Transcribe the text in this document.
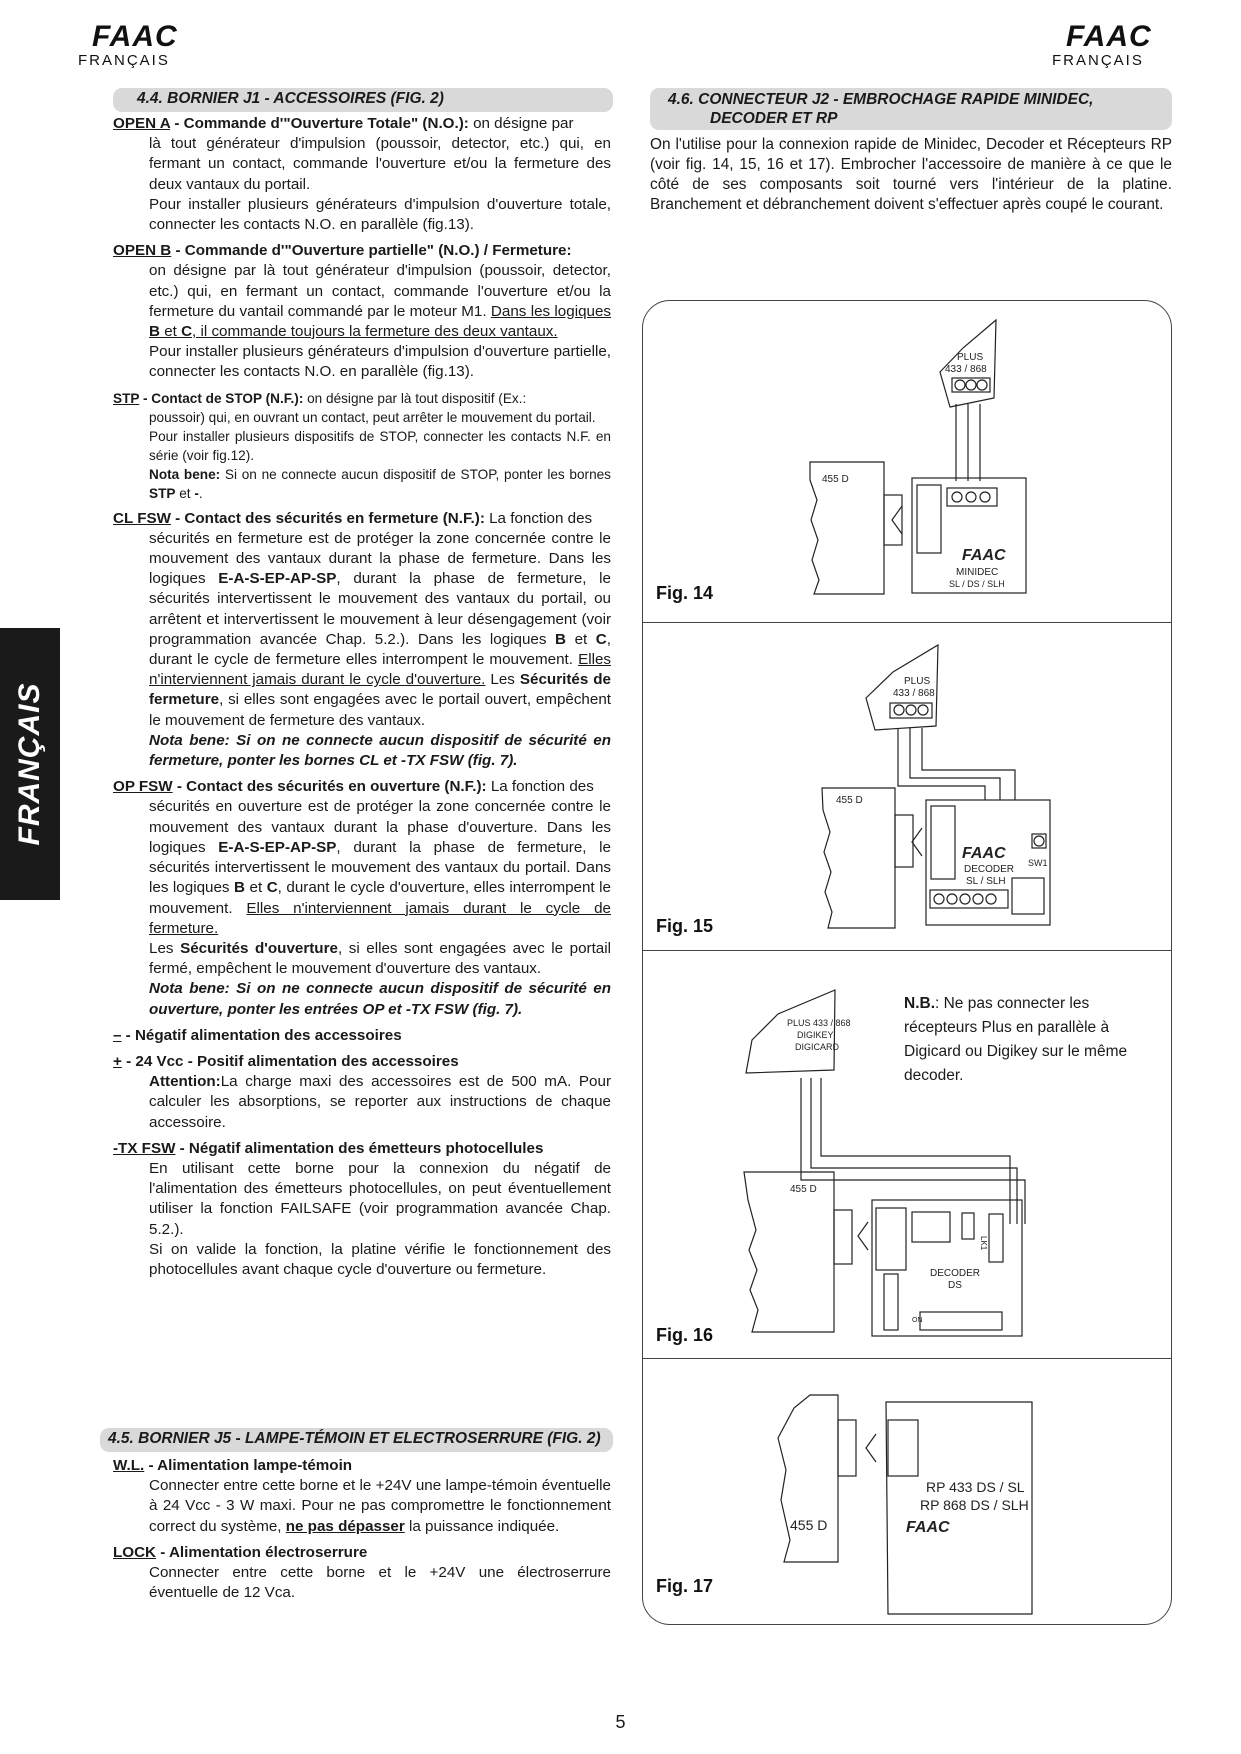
FAAC
FRANÇAIS
FAAC
FRANÇAIS
FRANÇAIS
4.4. BORNIER J1 - ACCESSOIRES (FIG. 2)
OPEN A - Commande d'"Ouverture Totale" (N.O.): on désigne par
là tout générateur d'impulsion (poussoir, detector, etc.) qui, en fermant un contact, commande l'ouverture et/ou la fermeture des deux vantaux du portail.
Pour installer plusieurs générateurs d'impulsion d'ouverture totale, connecter les contacts N.O. en parallèle (fig.13).
OPEN B - Commande d'"Ouverture partielle" (N.O.) / Fermeture:
on désigne par là tout générateur d'impulsion (poussoir, detector, etc.) qui, en fermant un contact, commande l'ouverture et/ou la fermeture du vantail commandé par le moteur M1. Dans les logiques B et C, il commande toujours la fermeture des deux vantaux.
Pour installer plusieurs générateurs d'impulsion d'ouverture partielle, connecter les contacts N.O. en parallèle (fig.13).
STP - Contact de STOP (N.F.): on désigne par là tout dispositif (Ex.:
poussoir) qui, en ouvrant un contact, peut arrêter le mouvement du portail.
Pour installer plusieurs dispositifs de STOP, connecter les contacts N.F. en série (voir fig.12).
Nota bene: Si on ne connecte aucun dispositif de STOP, ponter les bornes STP et -.
CL FSW - Contact des sécurités en fermeture (N.F.): La fonction des
sécurités en fermeture est de protéger la zone concernée contre le mouvement des vantaux durant la phase de fermeture. Dans les logiques E-A-S-EP-AP-SP, durant la phase de fermeture, le sécurités intervertissent le mouvement des vantaux du portail, ou arrêtent et intervertissent le mouvement à leur désengagement (voir programmation avancée Chap. 5.2.). Dans les logiques B et C, durant le cycle de fermeture elles interrompent le mouvement. Elles n'interviennent jamais durant le cycle d'ouverture. Les Sécurités de fermeture, si elles sont engagées avec le portail ouvert, empêchent le mouvement de fermeture des vantaux.
Nota bene: Si on ne connecte aucun dispositif de sécurité en fermeture, ponter les bornes CL et -TX FSW (fig. 7).
OP FSW - Contact des sécurités en ouverture (N.F.): La fonction des
sécurités en ouverture est de protéger la zone concernée contre le mouvement des vantaux durant la phase d'ouverture. Dans les logiques E-A-S-EP-AP-SP, durant la phase de fermeture, le sécurités intervertissent le mouvement des vantaux du portail. Dans les logiques B et C, durant le cycle d'ouverture, elles interrompent le mouvement. Elles n'interviennent jamais durant le cycle de fermeture.
Les Sécurités d'ouverture, si elles sont engagées avec le portail fermé, empêchent le mouvement d'ouverture des vantaux.
Nota bene: Si on ne connecte aucun dispositif de sécurité en ouverture, ponter les entrées OP et -TX FSW (fig. 7).
– - Négatif alimentation des accessoires
+ - 24 Vcc - Positif alimentation des accessoires
Attention:La charge maxi des accessoires est de 500 mA. Pour calculer les absorptions, se reporter aux instructions de chaque accessoire.
-TX FSW - Négatif alimentation des émetteurs photocellules
En utilisant cette borne pour la connexion du négatif de l'alimentation des émetteurs photocellules, on peut éventuellement utiliser la fonction FAILSAFE (voir programmation avancée Chap. 5.2.).
Si on valide la fonction, la platine vérifie le fonctionnement des photocellules avant chaque cycle d'ouverture ou fermeture.
4.5. BORNIER J5 - LAMPE-TÉMOIN ET ELECTROSERRURE (FIG. 2)
W.L. - Alimentation lampe-témoin
Connecter entre cette borne et le +24V une lampe-témoin éventuelle à 24 Vcc - 3 W maxi. Pour ne pas compromettre le fonctionnement correct du système, ne pas dépasser la puissance indiquée.
LOCK - Alimentation électroserrure
Connecter entre cette borne et le +24V une électroserrure éventuelle de 12 Vca.
4.6. CONNECTEUR J2 - EMBROCHAGE RAPIDE MINIDEC,
DECODER ET RP
On l'utilise pour la connexion rapide de Minidec, Decoder et Récepteurs RP (voir fig. 14, 15, 16 et 17). Embrocher l'accessoire de manière à ce que le côté de ses composants soit tourné vers l'intérieur de la platine. Branchement et débranchement doivent s'effectuer après coupé le courant.
Fig. 14
Fig. 15
Fig. 16
Fig. 17
N.B.: Ne pas connecter les récepteurs Plus en parallèle à Digicard ou Digikey sur le même decoder.
PLUS
433 / 868
455 D
FAAC
MINIDEC
SL / DS / SLH
PLUS
433 / 868
455 D
FAAC
DECODER
SL / SLH
SW1
PLUS 433 / 868
DIGIKEY
DIGICARD
455 D
DECODER
DS
LK1
ON
455 D
RP 433 DS / SL
RP 868 DS / SLH
FAAC
5
